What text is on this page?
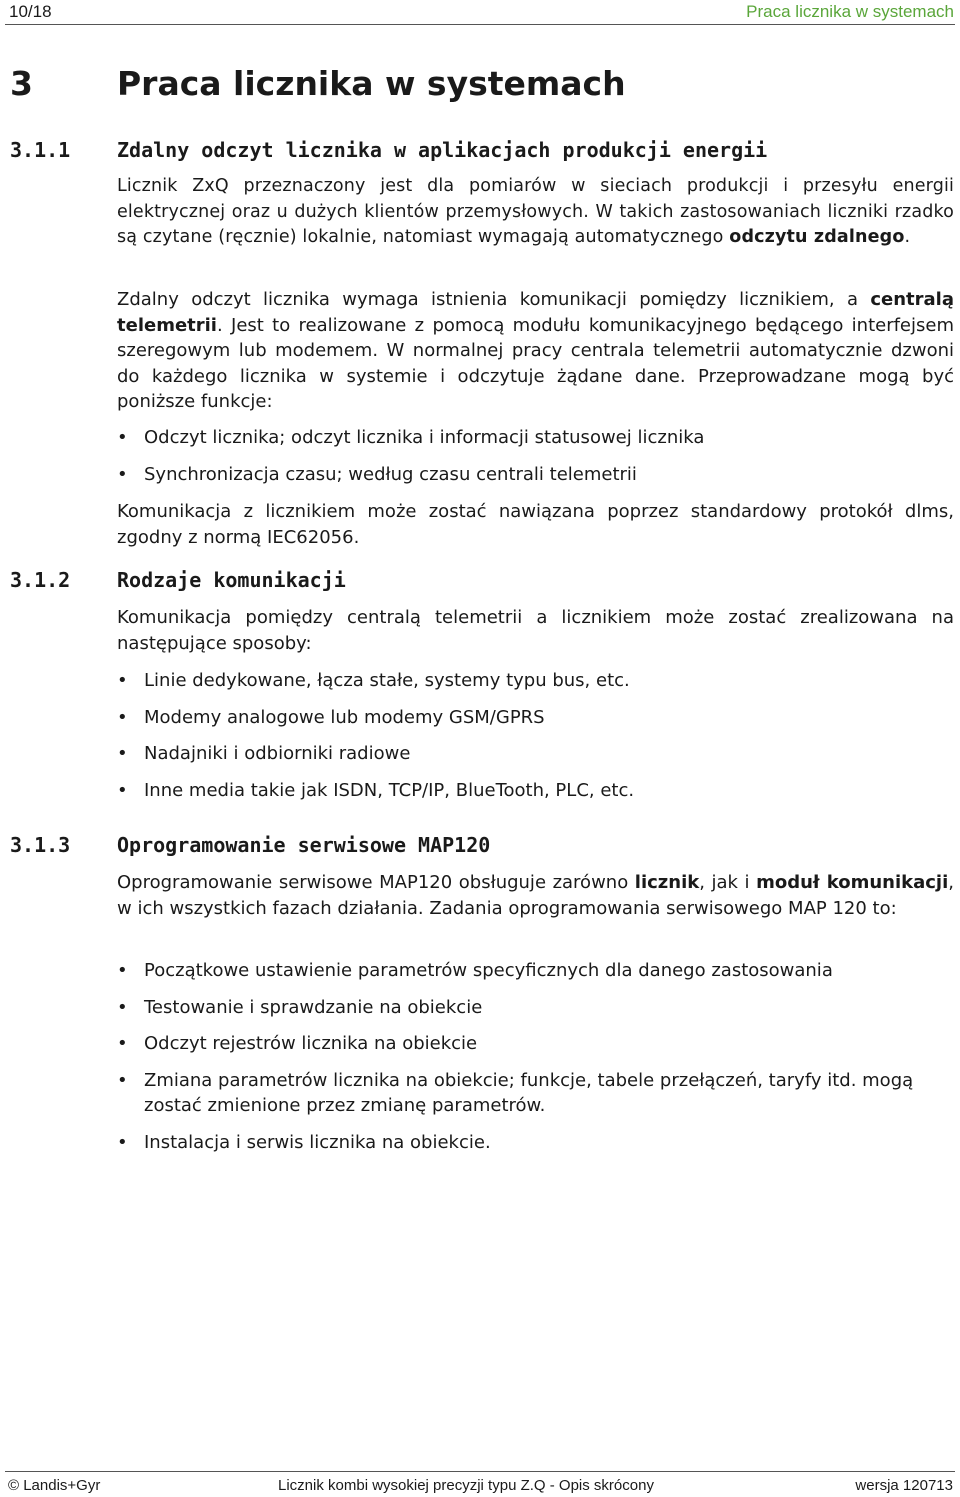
10/18	Praca licznika w systemach
3	Praca licznika w systemach
3.1.1 Zdalny odczyt licznika w aplikacjach produkcji energii

Licznik ZxQ przeznaczony jest dla pomiarów w sieciach produkcji i przesyłu energii elektrycznej oraz u dużych klientów przemysłowych. W takich zastosowaniach liczniki rzadko są czytane (ręcznie) lokalnie, natomiast wymagają automatycznego odczytu zdalnego.

Zdalny odczyt licznika wymaga istnienia komunikacji pomiędzy licznikiem, a centralą telemetrii. Jest to realizowane z pomocą modułu komunikacyjnego będącego interfejsem szeregowym lub modemem. W normalnej pracy centrala telemetrii automatycznie dzwoni do każdego licznika w systemie i odczytuje żądane dane. Przeprowadzane mogą być poniższe funkcje:

• Odczyt licznika; odczyt licznika i informacji statusowej licznika
• Synchronizacja czasu; według czasu centrali telemetrii

Komunikacja z licznikiem może zostać nawiązana poprzez standardowy protokół dlms, zgodny z normą IEC62056.

3.1.2 Rodzaje komunikacji

Komunikacja pomiędzy centralą telemetrii a licznikiem może zostać zrealizowana na następujące sposoby:

• Linie dedykowane, łącza stałe, systemy typu bus, etc.
• Modemy analogowe lub modemy GSM/GPRS
• Nadajniki i odbiorniki radiowe
• Inne media takie jak ISDN, TCP/IP, BlueTooth, PLC, etc.
3.1.3 Oprogramowanie serwisowe MAP120

Oprogramowanie serwisowe MAP120 obsługuje zarówno licznik, jak i moduł komunikacji, w ich wszystkich fazach działania. Zadania oprogramowania serwisowego MAP 120 to:

• Początkowe ustawienie parametrów specyficznych dla danego zastosowania
• Testowanie i sprawdzanie na obiekcie
• Odczyt rejestrów licznika na obiekcie
• Zmiana parametrów licznika na obiekcie; funkcje, tabele przełączeń, taryfy itd. mogą zostać zmienione przez zmianę parametrów.
• Instalacja i serwis licznika na obiekcie.
© Landis+Gyr	Licznik kombi wysokiej precyzji typu Z.Q - Opis skrócony	wersja 120713
